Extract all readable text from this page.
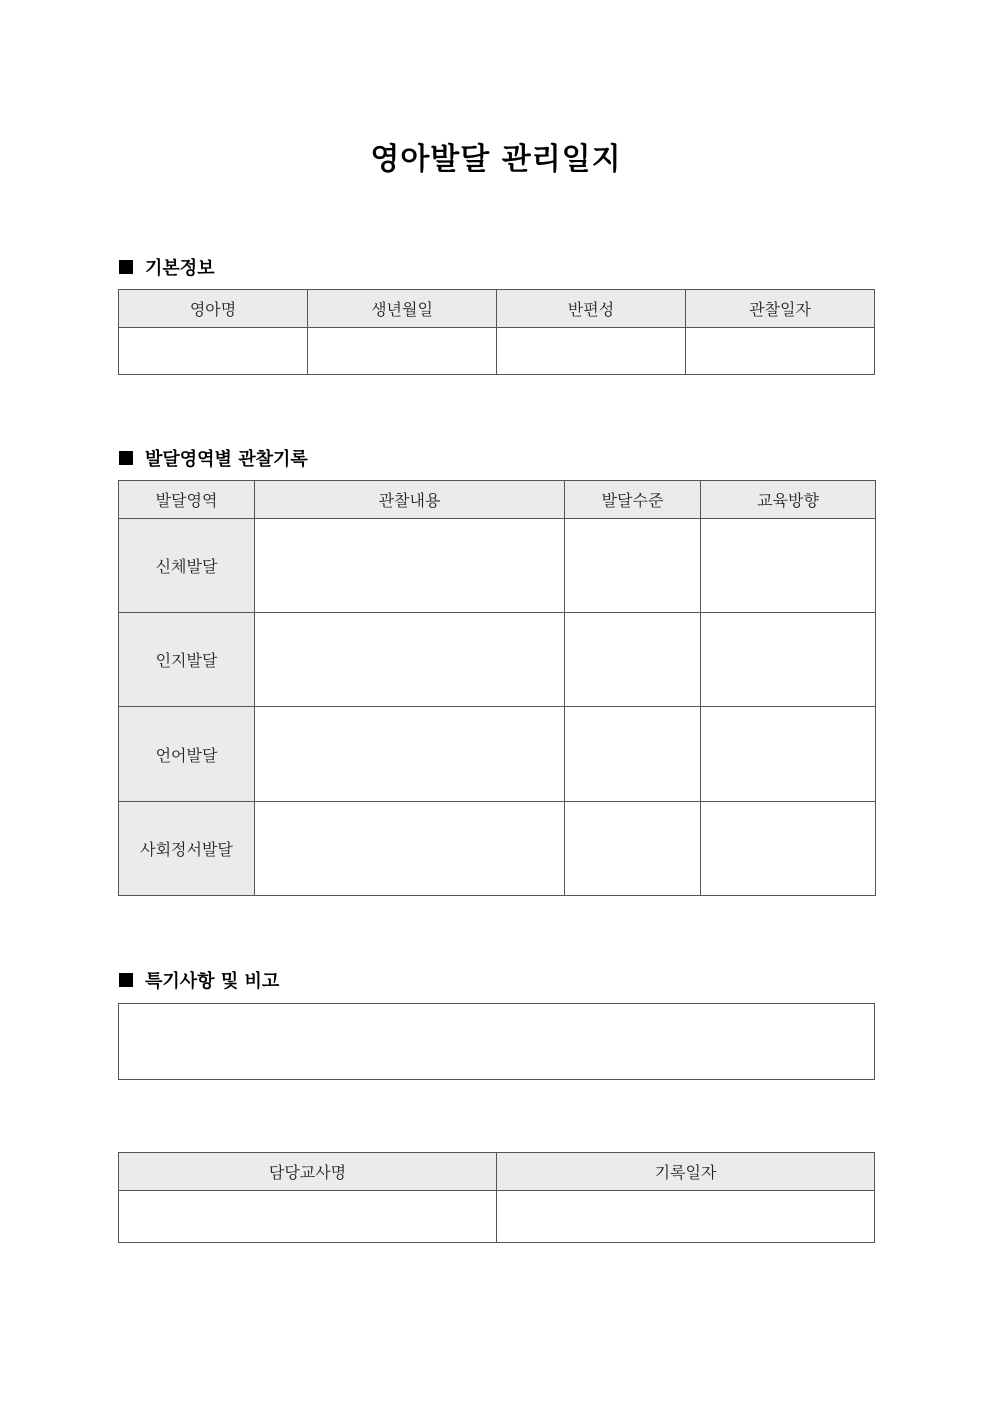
영아발달 관리일지
기본정보
영아명	생년월일	반편성	관찰일자

발달영역별 관찰기록
발달영역	관찰내용	발달수준	교육방향
신체발달			
인지발달			
언어발달			
사회정서발달			
특기사항 및 비고
담당교사명	기록일자
